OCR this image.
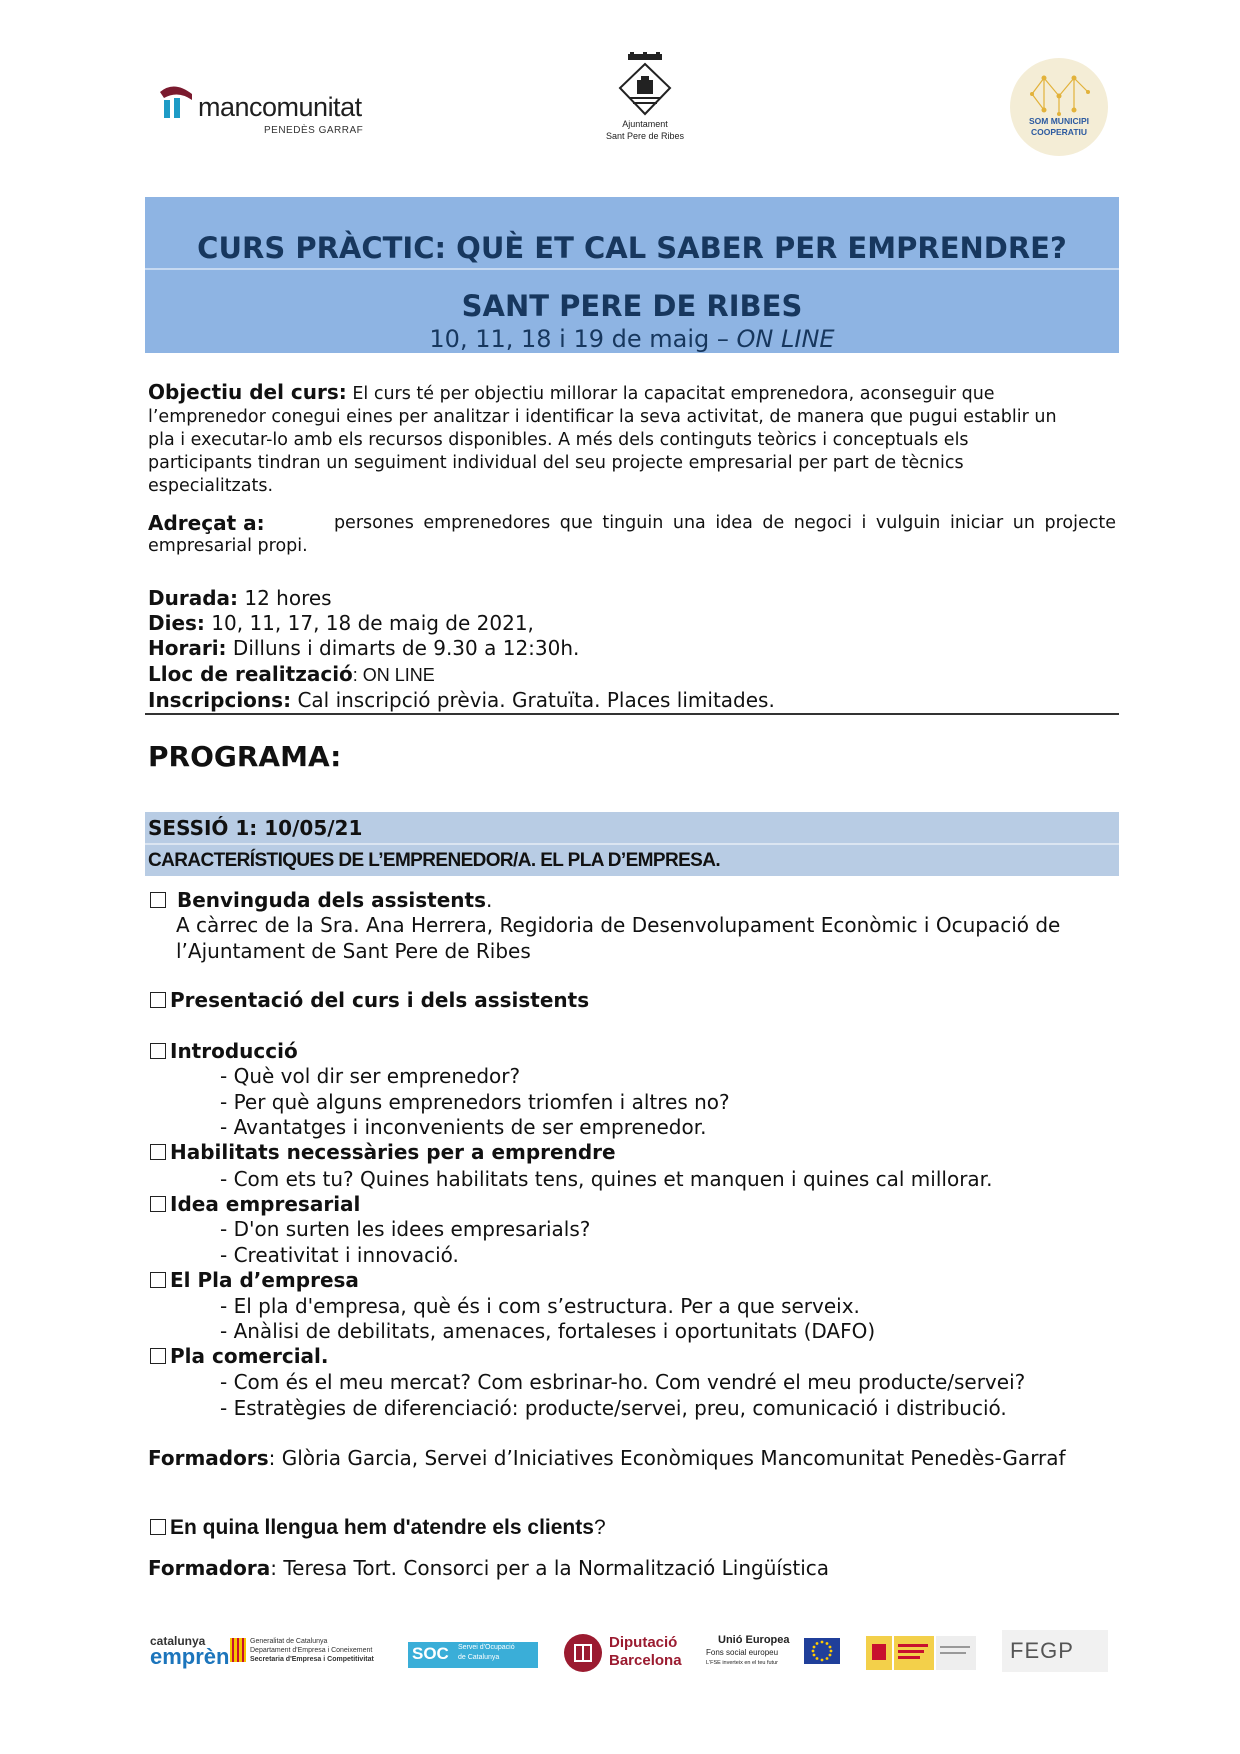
mancomunitat
PENEDÈS GARRAF
Ajuntament
Sant Pere de Ribes
SOM MUNICIPI
COOPERATIU
CURS PRÀCTIC: QUÈ ET CAL SABER PER EMPRENDRE?
SANT PERE DE RIBES
10, 11, 18 i 19 de maig – ON LINE
Objectiu del curs: El curs té per objectiu millorar la capacitat emprenedora, aconseguir que
l’emprenedor conegui eines per analitzar i identificar la seva activitat, de manera que pugui establir un
pla i executar-lo amb els recursos disponibles. A més dels continguts teòrics i conceptuals els
participants tindran un seguiment individual del seu projecte empresarial per part de tècnics
especialitzats.
Adreçat a:	persones emprenedores que tinguin una idea de negoci i vulguin iniciar un projecte
empresarial propi.
Durada: 12 hores
Dies: 10, 11, 17, 18 de maig de 2021,
Horari: Dilluns i dimarts de 9.30 a 12:30h.
Lloc de realització: ON LINE
Inscripcions: Cal inscripció prèvia. Gratuïta. Places limitades.
PROGRAMA:
SESSIÓ 1: 10/05/21
CARACTERÍSTIQUES DE L’EMPRENEDOR/A. EL PLA D’EMPRESA.
Benvinguda dels assistents.
A càrrec de la Sra. Ana Herrera, Regidoria de Desenvolupament Econòmic i Ocupació de
l’Ajuntament de Sant Pere de Ribes
Presentació del curs i dels assistents
Introducció
- Què vol dir ser emprenedor?
- Per què alguns emprenedors triomfen i altres no?
- Avantatges i inconvenients de ser emprenedor.
Habilitats necessàries per a emprendre
- Com ets tu? Quines habilitats tens, quines et manquen i quines cal millorar.
Idea empresarial
- D'on surten les idees empresarials?
- Creativitat i innovació.
El Pla d’empresa
- El pla d'empresa, què és i com s’estructura. Per a que serveix.
- Anàlisi de debilitats, amenaces, fortaleses i oportunitats (DAFO)
Pla comercial.
- Com és el meu mercat? Com esbrinar-ho. Com vendré el meu producte/servei?
- Estratègies de diferenciació: producte/servei, preu, comunicació i distribució.
Formadors: Glòria Garcia, Servei d’Iniciatives Econòmiques Mancomunitat Penedès-Garraf
En quina llengua hem d'atendre els clients?
Formadora: Teresa Tort. Consorci per a la Normalització Lingüística
catalunya
emprèn
Generalitat de Catalunya
Departament d'Empresa i Coneixement
Secretaria d'Empresa i Competitivitat SOC Servei d'Ocupació
de Catalunya
Diputació
Barcelona
Unió Europea
Fons social europeu
L'FSE inverteix en el teu futur	FEGP
